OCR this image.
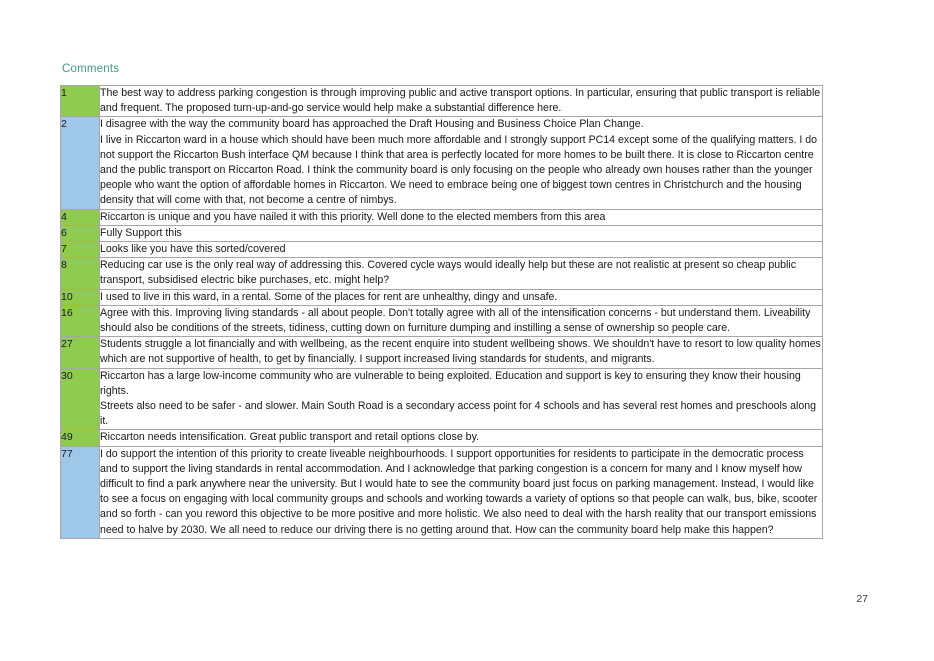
Comments
1	The best way to address parking congestion is through improving public and active transport options. In particular, ensuring that public transport is reliable and frequent. The proposed turn-up-and-go service would help make a substantial difference here.

2	I disagree with the way the community board has approached the Draft Housing and Business Choice Plan Change.

I live in Riccarton ward in a house which should have been much more affordable and I strongly support PC14 except some of the qualifying matters. I do not support the Riccarton Bush interface QM because I think that area is perfectly located for more homes to be built there. It is close to Riccarton centre and the public transport on Riccarton Road. I think the community board is only focusing on the people who already own houses rather than the younger people who want the option of affordable homes in Riccarton. We need to embrace being one of biggest town centres in Christchurch and the housing density that will come with that, not become a centre of nimbys.

4	Riccarton is unique and you have nailed it with this priority. Well done to the elected members from this area

6	Fully Support this

7	Looks like you have this sorted/covered

8	Reducing car use is the only real way of addressing this. Covered cycle ways would ideally help but these are not realistic at present so cheap public transport, subsidised electric bike purchases, etc. might help?

10	I used to live in this ward, in a rental. Some of the places for rent are unhealthy, dingy and unsafe.

16	Agree with this. Improving living standards - all about people. Don't totally agree with all of the intensification concerns - but understand them. Liveability should also be conditions of the streets, tidiness, cutting down on furniture dumping and instilling a sense of ownership so people care.

27	Students struggle a lot financially and with wellbeing, as the recent enquire into student wellbeing shows. We shouldn't have to resort to low quality homes which are not supportive of health, to get by financially. I support increased living standards for students, and migrants.

30	Riccarton has a large low-income community who are vulnerable to being exploited. Education and support is key to ensuring they know their housing rights.

Streets also need to be safer - and slower. Main South Road is a secondary access point for 4 schools and has several rest homes and preschools along it.

49	Riccarton needs intensification. Great public transport and retail options close by.

77	I do support the intention of this priority to create liveable neighbourhoods. I support opportunities for residents to participate in the democratic process and to support the living standards in rental accommodation. And I acknowledge that parking congestion is a concern for many and I know myself how difficult to find a park anywhere near the university. But I would hate to see the community board just focus on parking management. Instead, I would like to see a focus on engaging with local community groups and schools and working towards a variety of options so that people can walk, bus, bike, scooter and so forth - can you reword this objective to be more positive and more holistic. We also need to deal with the harsh reality that our transport emissions need to halve by 2030. We all need to reduce our driving there is no getting around that. How can the community board help make this happen?

27
